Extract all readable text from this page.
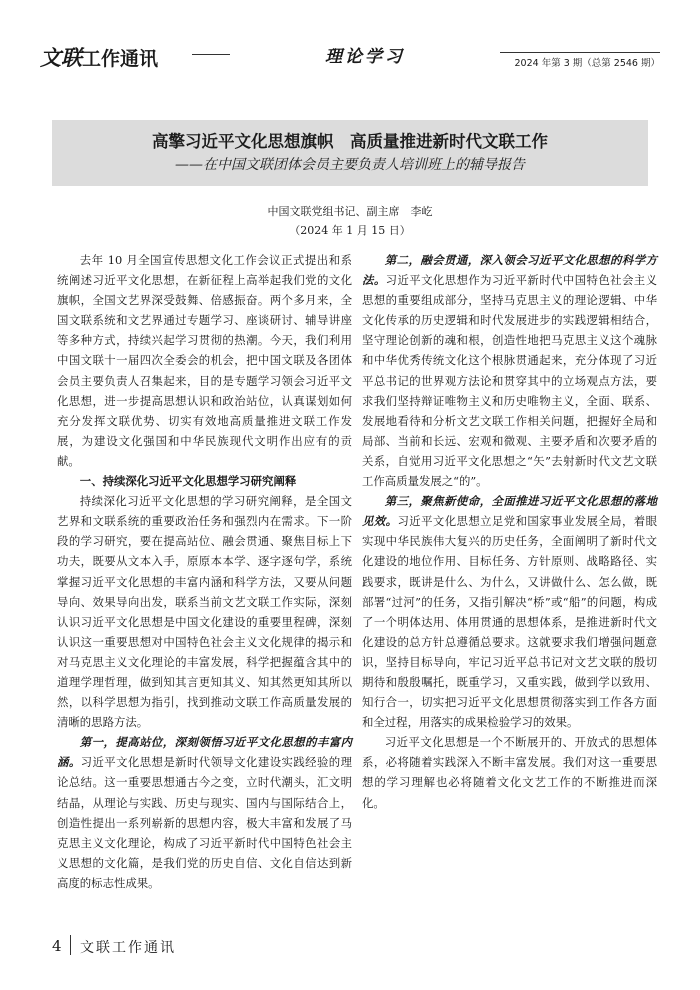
文联工作通讯	理论学习	2024 年第 3 期（总第 2546 期）
高擎习近平文化思想旗帜　高质量推进新时代文联工作
——在中国文联团体会员主要负责人培训班上的辅导报告
中国文联党组书记、副主席　李屹
（2024 年 1 月 15 日）

去年 10 月全国宣传思想文化工作会议正式提出和系统阐述习近平文化思想，在新征程上高举起我们党的文化旗帜，全国文艺界深受鼓舞、倍感振奋。两个多月来，全国文联系统和文艺界通过专题学习、座谈研讨、辅导讲座等多种方式，持续兴起学习贯彻的热潮。今天，我们利用中国文联十一届四次全委会的机会，把中国文联及各团体会员主要负责人召集起来，目的是专题学习领会习近平文化思想，进一步提高思想认识和政治站位，认真谋划如何充分发挥文联优势、切实有效地高质量推进文联工作发展，为建设文化强国和中华民族现代文明作出应有的贡献。

一、持续深化习近平文化思想学习研究阐释

持续深化习近平文化思想的学习研究阐释，是全国文艺界和文联系统的重要政治任务和强烈内在需求。下一阶段的学习研究，要在提高站位、融会贯通、聚焦目标上下功夫，既要从文本入手，原原本本学、逐字逐句学，系统掌握习近平文化思想的丰富内涵和科学方法，又要从问题导向、效果导向出发，联系当前文艺文联工作实际，深刻认识习近平文化思想是中国文化建设的重要里程碑，深刻认识这一重要思想对中国特色社会主义文化规律的揭示和对马克思主义文化理论的丰富发展，科学把握蕴含其中的道理学理哲理，做到知其言更知其义、知其然更知其所以然，以科学思想为指引，找到推动文联工作高质量发展的清晰的思路方法。

第一，提高站位，深刻领悟习近平文化思想的丰富内涵。习近平文化思想是新时代领导文化建设实践经验的理论总结。这一重要思想通古今之变，立时代潮头，汇文明结晶，从理论与实践、历史与现实、国内与国际结合上，创造性提出一系列崭新的思想内容，极大丰富和发展了马克思主义文化理论，构成了习近平新时代中国特色社会主义思想的文化篇，是我们党的历史自信、文化自信达到新高度的标志性成果。

第二，融会贯通，深入领会习近平文化思想的科学方法。习近平文化思想作为习近平新时代中国特色社会主义思想的重要组成部分，坚持马克思主义的理论逻辑、中华文化传承的历史逻辑和时代发展进步的实践逻辑相结合，坚守理论创新的魂和根，创造性地把马克思主义这个魂脉和中华优秀传统文化这个根脉贯通起来，充分体现了习近平总书记的世界观方法论和贯穿其中的立场观点方法，要求我们坚持辩证唯物主义和历史唯物主义，全面、联系、发展地看待和分析文艺文联工作相关问题，把握好全局和局部、当前和长远、宏观和微观、主要矛盾和次要矛盾的关系，自觉用习近平文化思想之“矢”去射新时代文艺文联工作高质量发展之“的”。

第三，聚焦新使命，全面推进习近平文化思想的落地见效。习近平文化思想立足党和国家事业发展全局，着眼实现中华民族伟大复兴的历史任务，全面阐明了新时代文化建设的地位作用、目标任务、方针原则、战略路径、实践要求，既讲是什么、为什么，又讲做什么、怎么做，既部署“过河”的任务，又指引解决“桥”或“船”的问题，构成了一个明体达用、体用贯通的思想体系，是推进新时代文化建设的总方针总遵循总要求。这就要求我们增强问题意识，坚持目标导向，牢记习近平总书记对文艺文联的殷切期待和殷殷嘱托，既重学习，又重实践，做到学以致用、知行合一，切实把习近平文化思想贯彻落实到工作各方面和全过程，用落实的成果检验学习的效果。

习近平文化思想是一个不断展开的、开放式的思想体系，必将随着实践深入不断丰富发展。我们对这一重要思想的学习理解也必将随着文化文艺工作的不断推进而深化。

4 文联工作通讯
